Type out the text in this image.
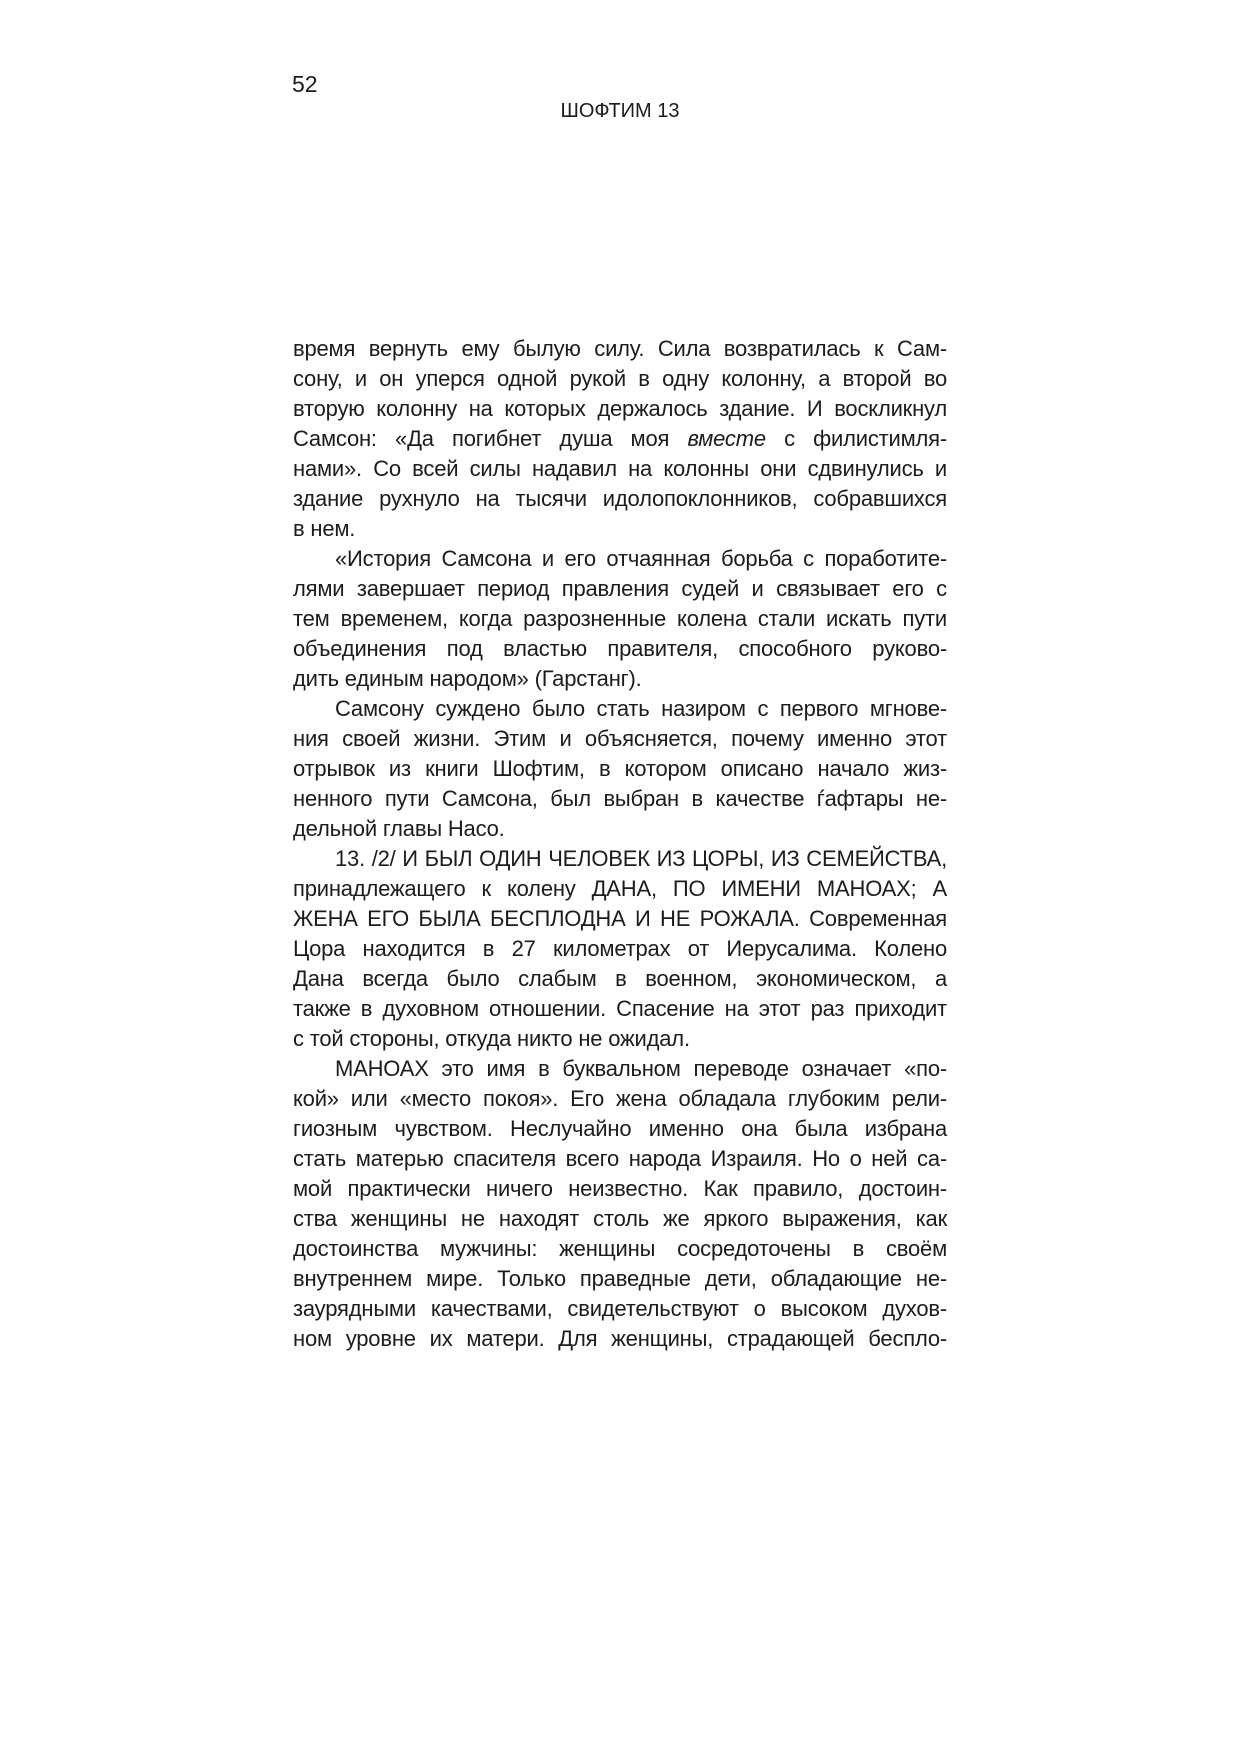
52
ШОФТИМ 13
время вернуть ему былую силу. Сила возвратилась к Сам-
сону, и он уперся одной рукой в одну колонну, а второй во
вторую колонну на которых держалось здание. И воскликнул
Самсон: «Да погибнет душа моя вместе с филистимля-
нами». Со всей силы надавил на колонны они сдвинулись и
здание рухнуло на тысячи идолопоклонников, собравшихся
в нем.
«История Самсона и его отчаянная борьба с поработите-
лями завершает период правления судей и связывает его с
тем временем, когда разрозненные колена стали искать пути
объединения под властью правителя, способного руково-
дить единым народом» (Гарстанг).
Самсону суждено было стать назиром с первого мгнове-
ния своей жизни. Этим и объясняется, почему именно этот
отрывок из книги Шофтим, в котором описано начало жиз-
ненного пути Самсона, был выбран в качестве ѓафтары не-
дельной главы Насо.
13. /2/ И БЫЛ ОДИН ЧЕЛОВЕК ИЗ ЦОРЫ, ИЗ СЕМЕЙСТВА,
принадлежащего к колену ДАНА, ПО ИМЕНИ МАНОАХ; А
ЖЕНА ЕГО БЫЛА БЕСПЛОДНА И НЕ РОЖАЛА. Современная
Цора находится в 27 километрах от Иерусалима. Колено
Дана всегда было слабым в военном, экономическом, а
также в духовном отношении. Спасение на этот раз приходит
с той стороны, откуда никто не ожидал.
МАНОАХ это имя в буквальном переводе означает «по-
кой» или «место покоя». Его жена обладала глубоким рели-
гиозным чувством. Неслучайно именно она была избрана
стать матерью спасителя всего народа Израиля. Но о ней са-
мой практически ничего неизвестно. Как правило, достоин-
ства женщины не находят столь же яркого выражения, как
достоинства мужчины: женщины сосредоточены в своём
внутреннем мире. Только праведные дети, обладающие не-
заурядными качествами, свидетельствуют о высоком духов-
ном уровне их матери. Для женщины, страдающей беспло-
